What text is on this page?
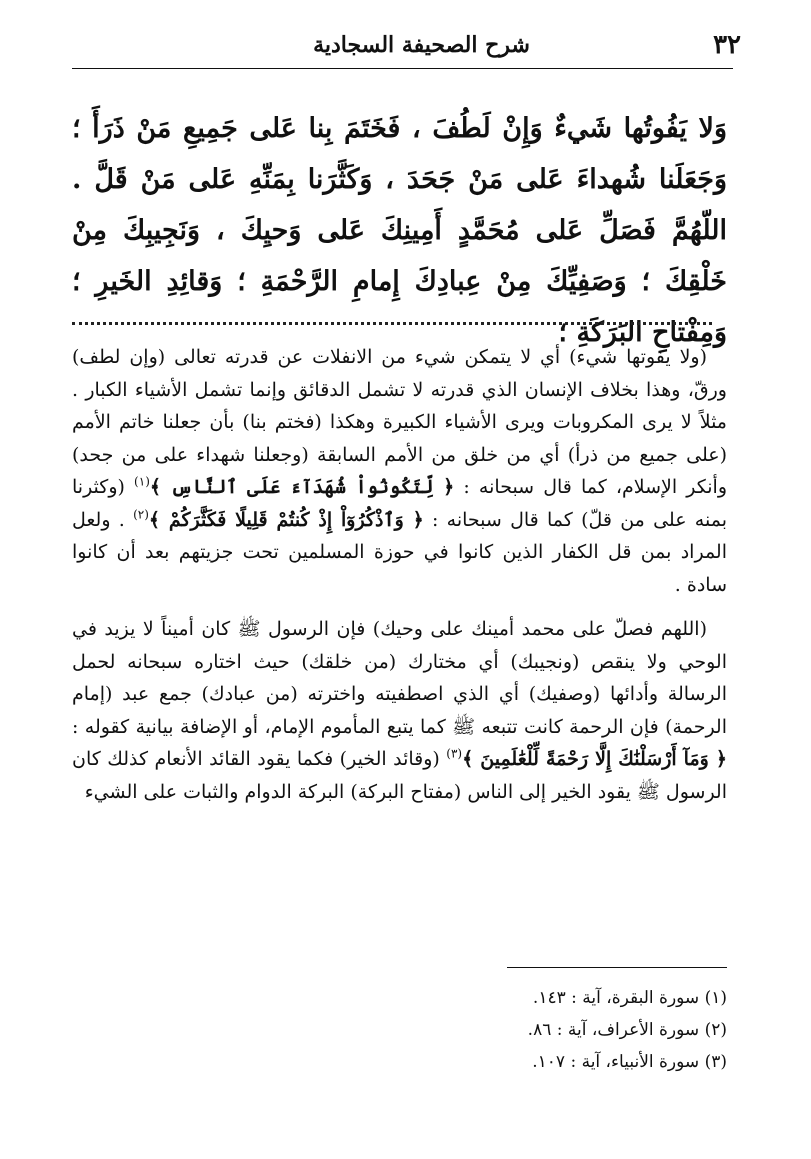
٣٢
شرح الصحيفة السجادية

وَلا يَفُوتُها شَيءٌ وَإِنْ لَطُفَ ، فَخَتَمَ بِنا عَلى جَمِيعِ مَنْ ذَرَأَ ؛ وَجَعَلَنا شُهداءَ عَلى مَنْ جَحَدَ ، وَكَثَّرَنا بِمَنِّهِ عَلى مَنْ قَلَّ . اللّهُمَّ فَصَلِّ عَلى مُحَمَّدٍ أَمِينِكَ عَلى وَحيِكَ ، وَنَجِيبِكَ مِنْ خَلْقِكَ ؛ وَصَفِيِّكَ مِنْ عِبادِكَ إِمامِ الرَّحْمَةِ ؛ وَقائِدِ الخَيرِ ؛ وَمِفْتاحِ البَرَكَةِ ؛

(ولا يفوتها شيء) أي لا يتمكن شيء من الانفلات عن قدرته تعالى (وإن لطف) ورقّ، وهذا بخلاف الإنسان الذي قدرته لا تشمل الدقائق وإنما تشمل الأشياء الكبار . مثلاً لا يرى المكروبات ويرى الأشياء الكبيرة وهكذا (فختم بنا) بأن جعلنا خاتم الأمم (على جميع من ذرأ) أي من خلق من الأمم السابقة (وجعلنا شهداء على من جحد) وأنكر الإسلام، كما قال سبحانه : ﴿ لِّتَكُونُواْ شُهَدَآءَ عَلَى ٱلنَّاسِ ﴾$^{(١)}$ (وكثرنا بمنه على من قلّ) كما قال سبحانه : ﴿ وَٱذْكُرُوٓاْ إِذْ كُنتُمْ قَلِيلًا فَكَثَّرَكُمْ ﴾$^{(٢)}$ . ولعل المراد بمن قل الكفار الذين كانوا في حوزة المسلمين تحت جزيتهم بعد أن كانوا سادة .

(اللهم فصلّ على محمد أمينك على وحيك) فإن الرسول ﷺ كان أميناً لا يزيد في الوحي ولا ينقص (ونجيبك) أي مختارك (من خلقك) حيث اختاره سبحانه لحمل الرسالة وأدائها (وصفيك) أي الذي اصطفيته واخترته (من عبادك) جمع عبد (إمام الرحمة) فإن الرحمة كانت تتبعه ﷺ كما يتبع المأموم الإمام، أو الإضافة بيانية كقوله : ﴿ وَمَآ أَرْسَلْنَٰكَ إِلَّا رَحْمَةً لِّلْعَٰلَمِينَ ﴾$^{(٣)}$ (وقائد الخير) فكما يقود القائد الأنعام كذلك كان الرسول ﷺ يقود الخير إلى الناس (مفتاح البركة) البركة الدوام والثبات على الشيء

(١) سورة البقرة، آية : ١٤٣.
(٢) سورة الأعراف، آية : ٨٦.
(٣) سورة الأنبياء، آية : ١٠٧.
